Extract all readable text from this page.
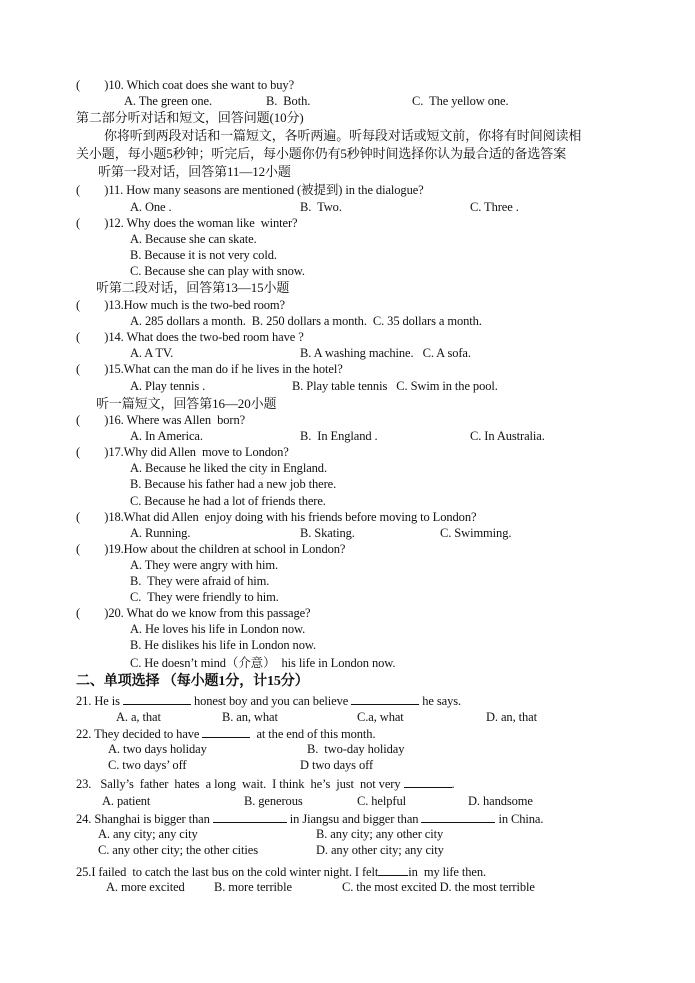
(        )10. Which coat does she want to buy?
A. The green one.	B.  Both.	C.  The yellow one.
第二部分听对话和短文，回答问题(10分)
你将听到两段对话和一篇短文，各听两遍。听每段对话或短文前，你将有时间阅读相
关小题，每小题5秒钟；听完后，每小题你仍有5秒钟时间选择你认为最合适的备选答案
听第一段对话，回答第11—12小题
(        )11. How many seasons are mentioned (被提到) in the dialogue?
A. One .	B.  Two.	C. Three .
(        )12. Why does the woman like  winter?
A. Because she can skate.
B. Because it is not very cold.
C. Because she can play with snow.
听第二段对话，回答第13—15小题
(        )13.How much is the two-bed room?
A. 285 dollars a month.  B. 250 dollars a month.  C. 35 dollars a month.
(        )14. What does the two-bed room have ?
A. A TV.	B. A washing machine.   C. A sofa.
(        )15.What can the man do if he lives in the hotel?
A. Play tennis .	B. Play table tennis   C. Swim in the pool.
听一篇短文，回答第16—20小题
(        )16. Where was Allen  born?
A. In America.	B.  In England .	C. In Australia.
(        )17.Why did Allen  move to London?
A. Because he liked the city in England.
B. Because his father had a new job there.
C. Because he had a lot of friends there.
(        )18.What did Allen  enjoy doing with his friends before moving to London?
A. Running.	B. Skating.	C. Swimming.
(        )19.How about the children at school in London?
A. They were angry with him.
B.  They were afraid of him.
C.  They were friendly to him.
(        )20. What do we know from this passage?
A. He loves his life in London now.
B. He dislikes his life in London now.
C. He doesn’t mind（介意）  his life in London now.
二、单项选择 （每小题1分，计15分）
21. He is	honest boy and you can believe	he says.
A. a, that	B. an, what	C.a, what	D. an, that
22. They decided to have	at the end of this month.
A. two days holiday	B.  two-day holiday
C. two days’ off	D two days off
23.   Sally’s  father  hates  a long  wait.  I think  he’s  just  not very	.
A. patient	B. generous	C. helpful	D. handsome
24. Shanghai is bigger than	in Jiangsu and bigger than	in China.
A. any city; any city	B. any city; any other city
C. any other city; the other cities	D. any other city; any city
25.I failed  to catch the last bus on the cold winter night. I felt in  my life then.
A. more excited B. more terrible	C. the most excited D. the most terrible
